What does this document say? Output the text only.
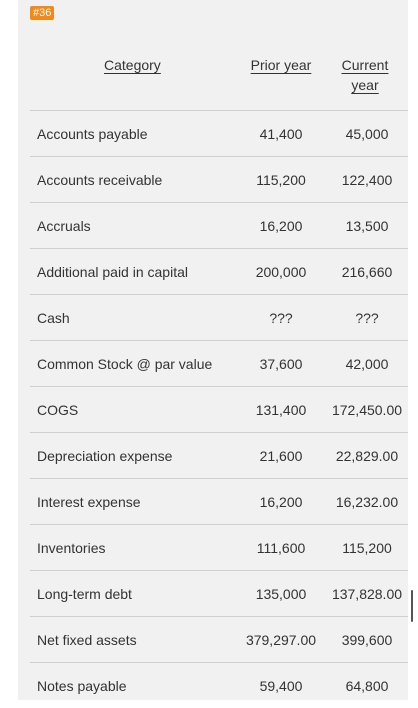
#36
Category	Prior year	Current
year
Accounts payable	41,400	45,000
Accounts receivable	115,200	122,400
Accruals	16,200	13,500
Additional paid in capital	200,000	216,660
Cash	???	???
Common Stock @ par value	37,600	42,000
COGS	131,400	172,450.00
Depreciation expense	21,600	22,829.00
Interest expense	16,200	16,232.00
Inventories	111,600	115,200
Long-term debt	135,000	137,828.00
Net fixed assets	379,297.00	399,600
Notes payable	59,400	64,800
